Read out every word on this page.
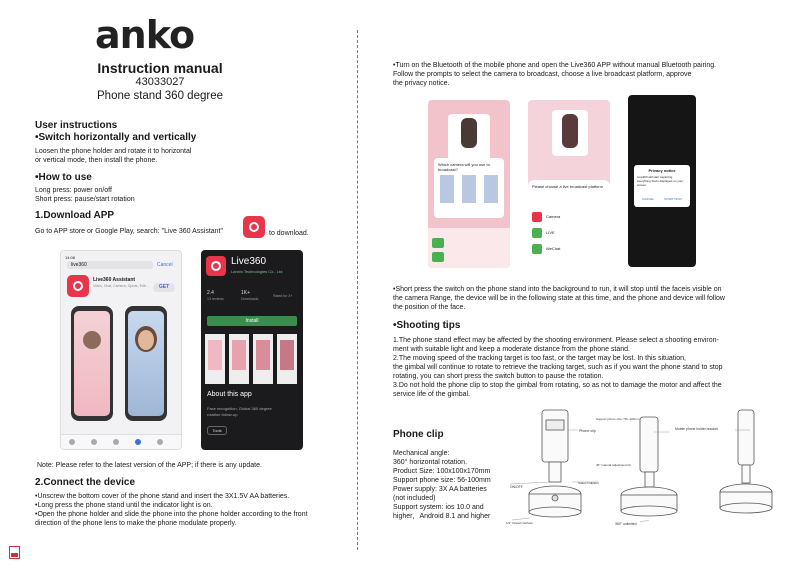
anko
Instruction manual
43033027
Phone stand 360 degree
User instructions
•Switch horizontally and vertically
Loosen the phone holder and rotate it to horizontal
or vertical mode, then install the phone.
•How to use
Long press: power on/off
Short press: pause/start rotation
1.Download APP
Go to APP store or Google Play, search: "Live 360 Assistant"	to download.
14:08
live360	Cancel
Live360 Assistant
Video, Chat, Camera, Sports, Edit...	GET
Live360
Lanxin Technologies Co., Ltd.
2.4
13 reviews
1K+
Downloads
Rated for 3+
Install
About this app
Face recognition, Global 360 degree
rotation follow-up
Tools
Note: Please refer to the latest version of the APP; if there is any update.
2.Connect the device
•Unscrew the bottom cover of the phone stand and insert the 3X1.5V AA batteries.
•Long press the phone stand until the indicator light is on.
•Open the phone holder and slide the phone into the phone holder according to the front
direction of the phone lens to make the phone modulate properly.
•Turn on the Bluetooth of the mobile phone and open the Live360 APP without manual Bluetooth pairing.
Follow the prompts to select the camera to broadcast, choose a live broadcast platform, approve
the privacy notice.
Which camera will you use to broadcast?
Please choose a live broadcast platform
Camera
LIVE
WeChat
Privacy notice
Live360 will start capturing everything that's displayed on your screen.
CANCEL	START NOW
•Short press the switch on the phone stand into the background to run, it will stop until the faceis visible on
the camera Range, the device will be in the following state at this time, and the phone and device will follow
the position of the face.
•Shooting tips
1.The phone stand effect may be affected by the shooting environment. Please select a shooting environ-
ment with suitable light and keep a moderate distance from the phone stand.
2.The moving speed of the tracking target is too fast, or the target may be lost. In this situation,
the gimbal will continue to rotate to retrieve the tracking target, such as if you want the phone stand to stop
rotating, you can short press the switch button to pause the rotation.
3.Do not hold the phone clip to stop the gimbal from rotating, so as not to damage the motor and affect the
service life of the gimbal.
Phone clip
Mechanical angle:
360° horizontal rotation.
Product Size: 100x100x170mm
Support phone size: 56-100mm
Power supply: 3X AA batteries
(not included)
Support system: ios 10.0 and
higher，Android 8.1 and higher
Phone clip
Support phone size / 56~100mm
Mobile phone holder bracket
45° manual adjustment tilt
Status Indicator
ON/OFF
1/4" thread interface	360° unlimited
